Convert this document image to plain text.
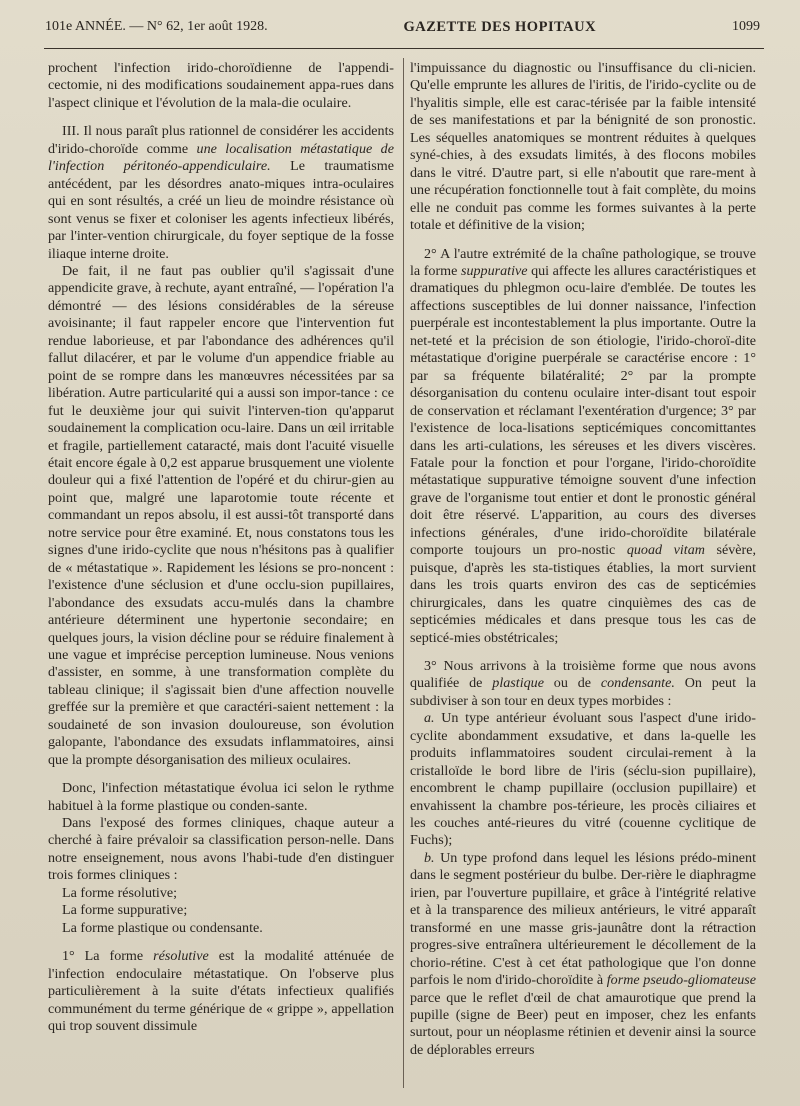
101e ANNÉE. — N° 62, 1er août 1928.	GAZETTE DES HOPITAUX	1099

prochent l'infection irido-choroïdienne de l'appendi-cectomie, ni des modifications soudainement appa-rues dans l'aspect clinique et l'évolution de la mala-die oculaire.

III. Il nous paraît plus rationnel de considérer les accidents d'irido-choroïde comme une localisation métastatique de l'infection péritonéo-appendiculaire. Le traumatisme antécédent, par les désordres anato-miques intra-oculaires qui en sont résultés, a créé un lieu de moindre résistance où sont venus se fixer et coloniser les agents infectieux libérés, par l'inter-vention chirurgicale, du foyer septique de la fosse iliaque interne droite.

De fait, il ne faut pas oublier qu'il s'agissait d'une appendicite grave, à rechute, ayant entraîné, — l'opération l'a démontré — des lésions considérables de la séreuse avoisinante; il faut rappeler encore que l'intervention fut rendue laborieuse, et par l'abondance des adhérences qu'il fallut dilacérer, et par le volume d'un appendice friable au point de se rompre dans les manœuvres nécessitées par sa libération. Autre particularité qui a aussi son impor-tance : ce fut le deuxième jour qui suivit l'interven-tion qu'apparut soudainement la complication ocu-laire. Dans un œil irritable et fragile, partiellement cataracté, mais dont l'acuité visuelle était encore égale à 0,2 est apparue brusquement une violente douleur qui a fixé l'attention de l'opéré et du chirur-gien au point que, malgré une laparotomie toute récente et commandant un repos absolu, il est aussi-tôt transporté dans notre service pour être examiné. Et, nous constatons tous les signes d'une irido-cyclite que nous n'hésitons pas à qualifier de « métastatique ». Rapidement les lésions se pro-noncent : l'existence d'une séclusion et d'une occlu-sion pupillaires, l'abondance des exsudats accu-mulés dans la chambre antérieure déterminent une hypertonie secondaire; en quelques jours, la vision décline pour se réduire finalement à une vague et imprécise perception lumineuse. Nous venions d'assister, en somme, à une transformation complète du tableau clinique; il s'agissait bien d'une affection nouvelle greffée sur la première et que caractéri-saient nettement : la soudaineté de son invasion douloureuse, son évolution galopante, l'abondance des exsudats inflammatoires, ainsi que la prompte désorganisation des milieux oculaires.

Donc, l'infection métastatique évolua ici selon le rythme habituel à la forme plastique ou conden-sante.

Dans l'exposé des formes cliniques, chaque auteur a cherché à faire prévaloir sa classification person-nelle. Dans notre enseignement, nous avons l'habi-tude d'en distinguer trois formes cliniques :

La forme résolutive;

La forme suppurative;

La forme plastique ou condensante.

1° La forme résolutive est la modalité atténuée de l'infection endoculaire métastatique. On l'observe plus particulièrement à la suite d'états infectieux qualifiés communément du terme générique de « grippe », appellation qui trop souvent dissimule

l'impuissance du diagnostic ou l'insuffisance du cli-nicien. Qu'elle emprunte les allures de l'iritis, de l'irido-cyclite ou de l'hyalitis simple, elle est carac-térisée par la faible intensité de ses manifestations et par la bénignité de son pronostic. Les séquelles anatomiques se montrent réduites à quelques syné-chies, à des exsudats limités, à des flocons mobiles dans le vitré. D'autre part, si elle n'aboutit que rare-ment à une récupération fonctionnelle tout à fait complète, du moins elle ne conduit pas comme les formes suivantes à la perte totale et définitive de la vision;

2° A l'autre extrémité de la chaîne pathologique, se trouve la forme suppurative qui affecte les allures caractéristiques et dramatiques du phlegmon ocu-laire d'emblée. De toutes les affections susceptibles de lui donner naissance, l'infection puerpérale est incontestablement la plus importante. Outre la net-teté et la précision de son étiologie, l'irido-choroï-dite métastatique d'origine puerpérale se caractérise encore : 1° par sa fréquente bilatéralité; 2° par la prompte désorganisation du contenu oculaire inter-disant tout espoir de conservation et réclamant l'exentération d'urgence; 3° par l'existence de loca-lisations septicémiques concomittantes dans les arti-culations, les séreuses et les divers viscères. Fatale pour la fonction et pour l'organe, l'irido-choroïdite métastatique suppurative témoigne souvent d'une infection grave de l'organisme tout entier et dont le pronostic général doit être réservé. L'apparition, au cours des diverses infections générales, d'une irido-choroïdite bilatérale comporte toujours un pro-nostic quoad vitam sévère, puisque, d'après les sta-tistiques établies, la mort survient dans les trois quarts environ des cas de septicémies chirurgicales, dans les quatre cinquièmes des cas de septicémies médicales et dans presque tous les cas de septicé-mies obstétricales;

3° Nous arrivons à la troisième forme que nous avons qualifiée de plastique ou de condensante. On peut la subdiviser à son tour en deux types morbides :

a. Un type antérieur évoluant sous l'aspect d'une irido-cyclite abondamment exsudative, et dans la-quelle les produits inflammatoires soudent circulai-rement à la cristalloïde le bord libre de l'iris (séclu-sion pupillaire), encombrent le champ pupillaire (occlusion pupillaire) et envahissent la chambre pos-térieure, les procès ciliaires et les couches anté-rieures du vitré (couenne cyclitique de Fuchs);

b. Un type profond dans lequel les lésions prédo-minent dans le segment postérieur du bulbe. Der-rière le diaphragme irien, par l'ouverture pupillaire, et grâce à l'intégrité relative et à la transparence des milieux antérieurs, le vitré apparaît transformé en une masse gris-jaunâtre dont la rétraction progres-sive entraînera ultérieurement le décollement de la chorio-rétine. C'est à cet état pathologique que l'on donne parfois le nom d'irido-choroïdite à forme pseudo-gliomateuse parce que le reflet d'œil de chat amaurotique que prend la pupille (signe de Beer) peut en imposer, chez les enfants surtout, pour un néoplasme rétinien et devenir ainsi la source de déplorables erreurs
